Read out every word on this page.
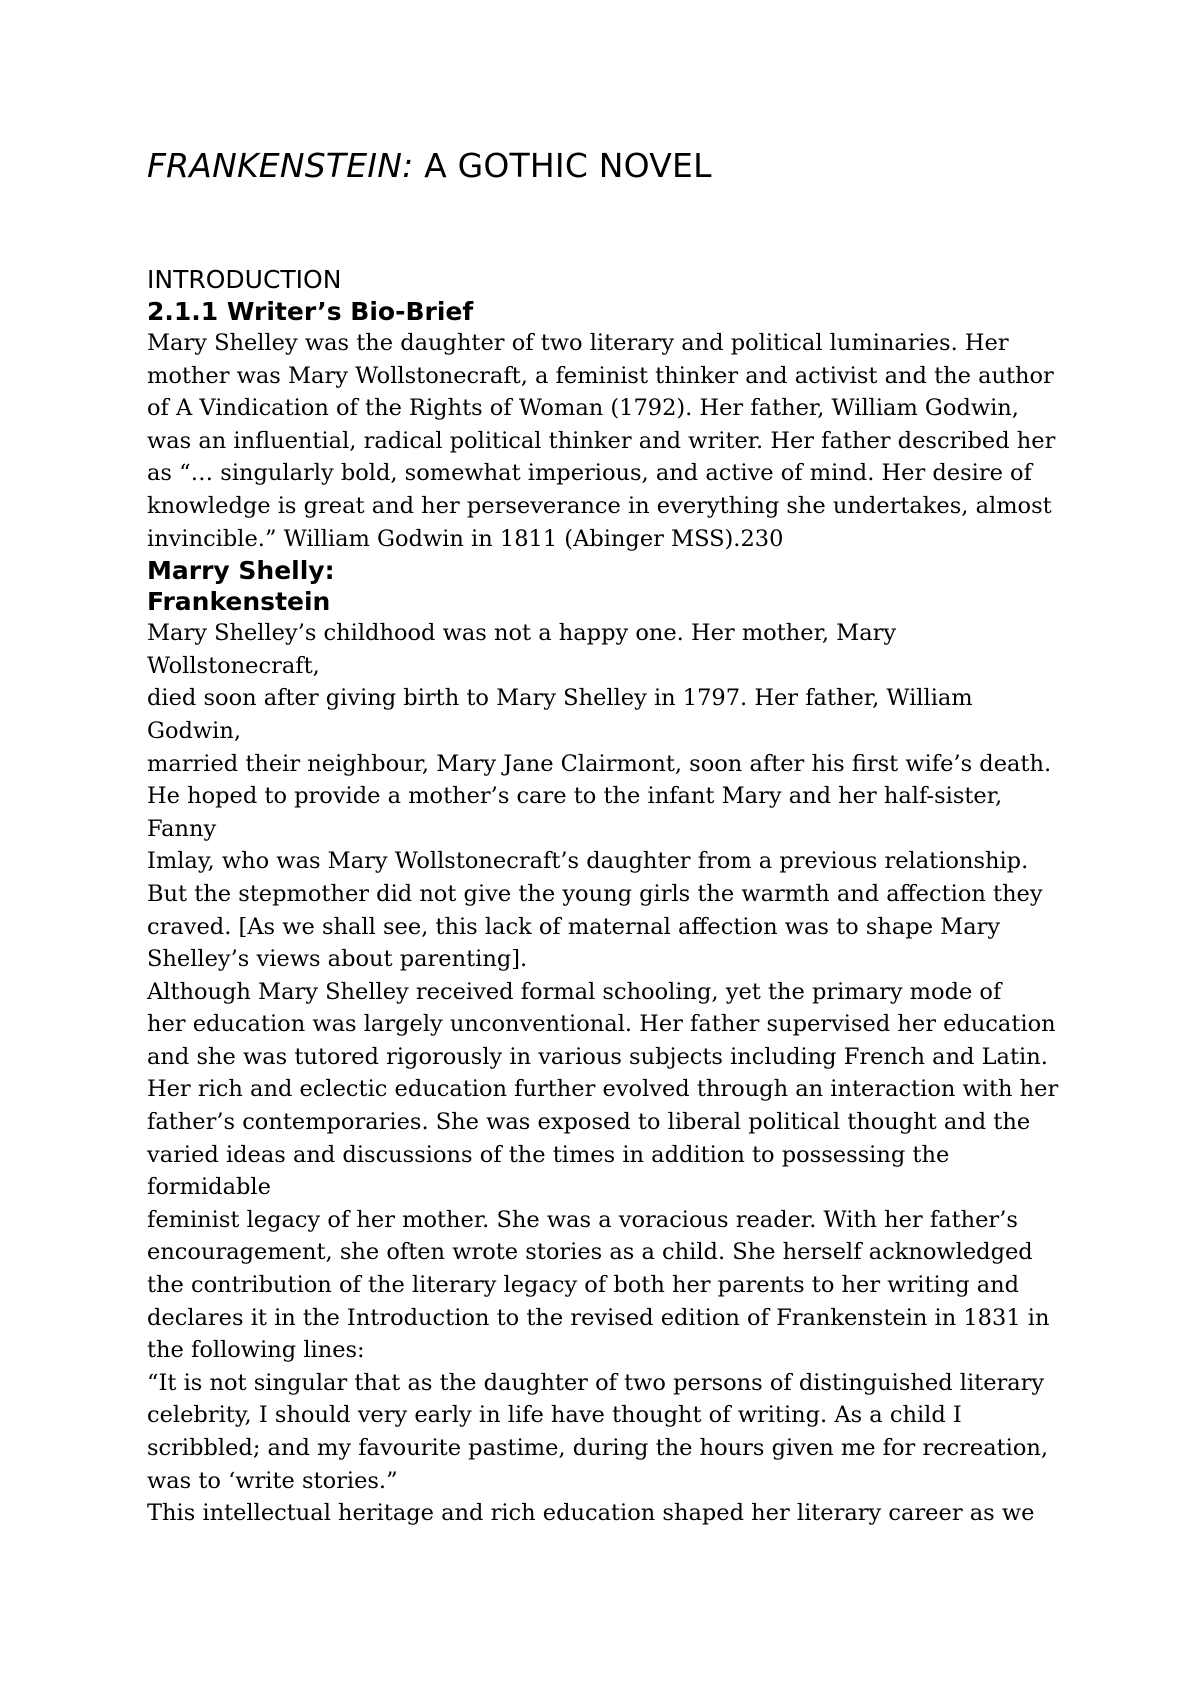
FRANKENSTEIN: A GOTHIC NOVEL
INTRODUCTION
2.1.1 Writer’s Bio-Brief

Mary Shelley was the daughter of two literary and political luminaries. Her

mother was Mary Wollstonecraft, a feminist thinker and activist and the author

of A Vindication of the Rights of Woman (1792). Her father, William Godwin,

was an influential, radical political thinker and writer. Her father described her

as “… singularly bold, somewhat imperious, and active of mind. Her desire of

knowledge is great and her perseverance in everything she undertakes, almost

invincible.” William Godwin in 1811 (Abinger MSS).230

Marry Shelly:
Frankenstein

Mary Shelley’s childhood was not a happy one. Her mother, Mary

Wollstonecraft,

died soon after giving birth to Mary Shelley in 1797. Her father, William

Godwin,

married their neighbour, Mary Jane Clairmont, soon after his first wife’s death.

He hoped to provide a mother’s care to the infant Mary and her half-sister,

Fanny

Imlay, who was Mary Wollstonecraft’s daughter from a previous relationship.

But the stepmother did not give the young girls the warmth and affection they

craved. [As we shall see, this lack of maternal affection was to shape Mary

Shelley’s views about parenting].

Although Mary Shelley received formal schooling, yet the primary mode of

her education was largely unconventional. Her father supervised her education

and she was tutored rigorously in various subjects including French and Latin.

Her rich and eclectic education further evolved through an interaction with her

father’s contemporaries. She was exposed to liberal political thought and the

varied ideas and discussions of the times in addition to possessing the

formidable

feminist legacy of her mother. She was a voracious reader. With her father’s

encouragement, she often wrote stories as a child. She herself acknowledged

the contribution of the literary legacy of both her parents to her writing and

declares it in the Introduction to the revised edition of Frankenstein in 1831 in

the following lines:

“It is not singular that as the daughter of two persons of distinguished literary

celebrity, I should very early in life have thought of writing. As a child I

scribbled; and my favourite pastime, during the hours given me for recreation,

was to ‘write stories.”

This intellectual heritage and rich education shaped her literary career as we
